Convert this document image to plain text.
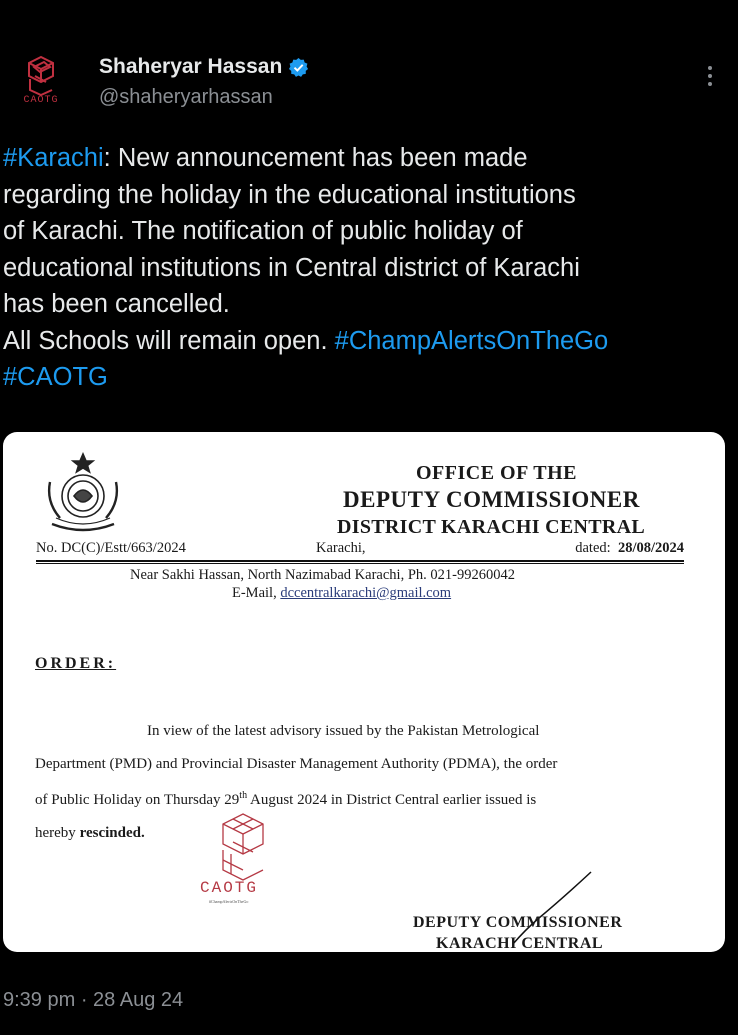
CAOTG
Shaheryar Hassan
@shaheryarhassan
#Karachi: New announcement has been made
regarding the holiday in the educational institutions
of Karachi. The notification of public holiday of
educational institutions in Central district of Karachi
has been cancelled.
All Schools will remain open. #ChampAlertsOnTheGo
#CAOTG
OFFICE OF THE
DEPUTY COMMISSIONER
DISTRICT KARACHI CENTRAL
No. DC(C)/Estt/663/2024	Karachi,	dated: 28/08/2024
Near Sakhi Hassan, North Nazimabad Karachi, Ph. 021-99260042
E-Mail, dccentralkarachi@gmail.com
ORDER:
In view of the latest advisory issued by the Pakistan Metrological
Department (PMD) and Provincial Disaster Management Authority (PDMA), the order
of Public Holiday on Thursday 29th August 2024 in District Central earlier issued is
hereby rescinded.
CAOTG
#ChampAlertsOnTheGo
DEPUTY COMMISSIONER
KARACHI CENTRAL
9:39 pm · 28 Aug 24
